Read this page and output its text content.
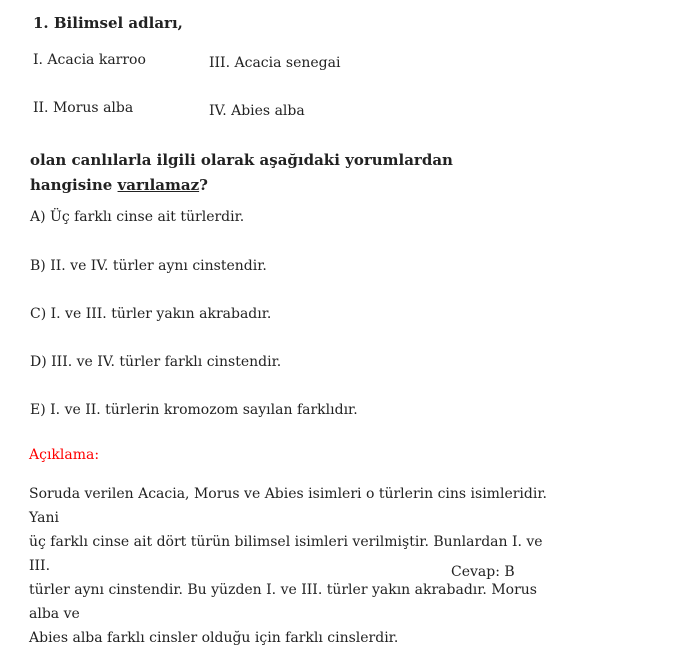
1. Bilimsel adları,
I. Acacia karroo	III. Acacia senegai
II. Morus alba	IV. Abies alba
olan canlılarla ilgili olarak aşağıdaki yorumlardan
hangisine varılamaz?
A) Üç farklı cinse ait türlerdir.
B) II. ve IV. türler aynı cinstendir.
C) I. ve III. türler yakın akrabadır.
D) III. ve IV. türler farklı cinstendir.
E) I. ve II. türlerin kromozom sayılan farklıdır.
Açıklama:
Soruda verilen Acacia, Morus ve Abies isimleri o türlerin cins isimleridir. Yani
üç farklı cinse ait dört türün bilimsel isimleri verilmiştir. Bunlardan I. ve III.
türler aynı cinstendir. Bu yüzden I. ve III. türler yakın akrabadır. Morus alba ve
Abies alba farklı cinsler olduğu için farklı cinslerdir.
Cevap: B
